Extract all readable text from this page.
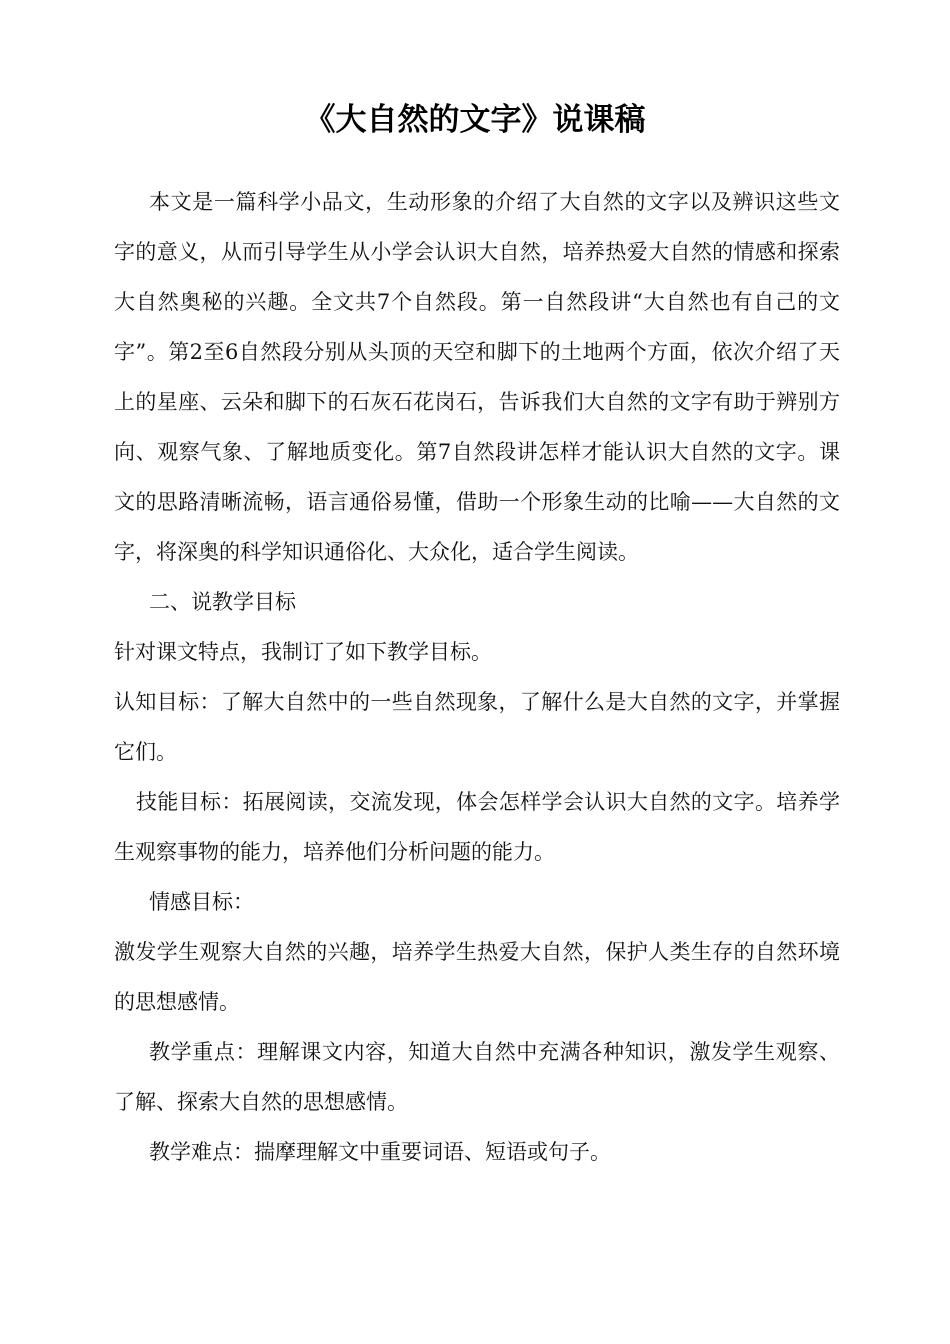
《大自然的文字》说课稿

本文是一篇科学小品文，生动形象的介绍了大自然的文字以及辨识这些文字的意义，从而引导学生从小学会认识大自然，培养热爱大自然的情感和探索大自然奥秘的兴趣。全文共7个自然段。第一自然段讲“大自然也有自己的文字”。第2至6自然段分别从头顶的天空和脚下的土地两个方面，依次介绍了天上的星座、云朵和脚下的石灰石花岗石，告诉我们大自然的文字有助于辨别方向、观察气象、了解地质变化。第7自然段讲怎样才能认识大自然的文字。课文的思路清晰流畅，语言通俗易懂，借助一个形象生动的比喻——大自然的文字，将深奥的科学知识通俗化、大众化，适合学生阅读。

二、说教学目标

针对课文特点，我制订了如下教学目标。

认知目标：了解大自然中的一些自然现象，了解什么是大自然的文字，并掌握它们。

技能目标：拓展阅读，交流发现，体会怎样学会认识大自然的文字。培养学生观察事物的能力，培养他们分析问题的能力。

情感目标：

激发学生观察大自然的兴趣，培养学生热爱大自然，保护人类生存的自然环境的思想感情。

教学重点：理解课文内容，知道大自然中充满各种知识，激发学生观察、了解、探索大自然的思想感情。

教学难点：揣摩理解文中重要词语、短语或句子。
